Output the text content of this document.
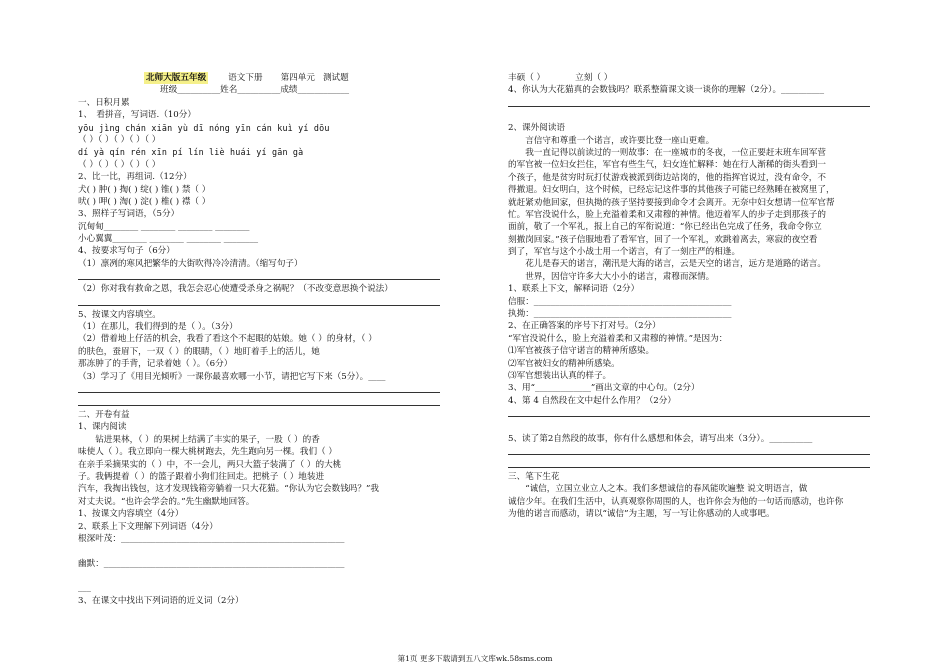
北师大版五年级	语文下册 第四单元 测试题
班级__________姓名__________成绩____________
一、日积月累
1、　看拼音，写词语.（10分）
yōu jìng chán xiān yù dī nóng yīn cán kuì yí dōu
（ ）（ ）（ ）（ ）（ ）
dí yà qín rén xīn pí lín liè huái yí gān gà
（ ）（ ）（ ）（ ）（ ）
2、比一比，再组词.（12分）
犬( ) 肿( ) 掏( ) 绽( ) 锥( ) 禁（ ）
吠( ) 呷( ) 淘( ) 淀( ) 椎( ) 襟（ ）
3、照样子写词语，（5分）
沉甸甸________ ________ ________ ________
小心翼翼________ ________ ________ ________
4、按要求写句子（6分）
（1）凛冽的寒风把繁华的大街吹得冷冷清清。（缩写句子）
（2）你对我有救命之恩，我怎会忍心使遭受杀身之祸呢？（不改变意思换个说法）
5、按课文内容填空。
（1）在那儿，我们得到的是（ ）。（3分）
（2）借着地上仔活的机会，我看了看这个不起眼的姑娘。她（ ）的身材，（ ）
的肤色，蚕眉下，一双（ ）的眼睛，（ ）地盯着手上的活儿，她
那冻肿了的手背，记录着她（ ）。（6分）
（3）学习了《用目光倾听》一课你最喜欢哪一小节，请把它写下来（5分）。____
二、开卷有益
1、课内阅读
　　钻进果林，（ ）的果树上结满了丰实的果子，一股（ ）的香
味使人（ ）。我立即向一棵大桃树跑去，先生跑向另一棵。我们（ ）
在亲手采摘果实的（ ）中，不一会儿，两只大篮子装满了（ ）的大桃
子。我俩提着（ ）的篮子跟着小狗们往回走。把桃子（ ）地装进
汽车，我掏出钱包，这才发现钱箱旁躺着一只大花猫。“你认为它会数钱吗？”我
对丈夫说。“也许会学会的。”先生幽默地回答。
1、按课文内容填空（4分）
2、联系上下文理解下列词语（4分）
根深叶茂：____________________________________________________
幽默：________________________________________________________
___
3、在课文中找出下列词语的近义词（2分）
丰硕（ ）　　　　立刻（ ）
4、你认为大花猫真的会数钱吗？联系整篇课文谈一谈你的理解（2分）。__________
2、课外阅读语
　　言信守和尊重一个诺言，或许要比登一座山更难。
　　我一直记得以前读过的一则故事：在一座城市的冬夜，一位正要赶末班车回军营
的军官被一位妇女拦住，军官有些生气，妇女连忙解释：她在行人渐稀的街头看到一
个孩子，他是贫穷时玩打仗游戏被派到街边站岗的，他的指挥官说过，没有命令，不
得撤退。妇女明白，这个时候，已经忘记这件事的其他孩子可能已经熟睡在被窝里了，
就赶紧劝他回家，但执拗的孩子坚持要接到命令才会离开。无奈中妇女想请一位军官帮
忙。军官没说什么，脸上充溢着柔和又肃穆的神情。他迈着军人的步子走到那孩子的
面前，敬了一个军礼，报上自己的军衔说道：“你已经出色完成了任务，我命令你立
刻撤岗回家。”孩子信服地看了看军官，回了一个军礼，欢跳着离去，寒寂的夜空看
到了，军官与这个小战士用一个诺言，有了一刻庄严的相逢。
　　花儿是春天的诺言，潮汛是大海的诺言，云是天空的诺言，远方是道路的诺言。
　　世界，因信守许多大大小小的诺言，肃穆而深情。
1、联系上下文，解释词语（2分）
信服：______________________________________________
执拗：______________________________________________
2、在正确答案的序号下打对号。（2分）
“军官没说什么，脸上充溢着柔和又肃穆的神情。”是因为：
⑴军官被孩子信守诺言的精神所感染。
⑵军官被妇女的精神所感染。
⑶军官想装出认真的样子。
3、用“_____________”画出文章的中心句。（2分）
4、第 4 自然段在文中起什么作用？（2分）
5、读了第2自然段的故事，你有什么感想和体会，请写出来（3分）。__________
三、笔下生花
　　“诚信，立国立业立人之本。我们多想诚信的春风能吹遍整 说文明语言，做
诚信少年。在我们生活中，认真观察你周围的人，也许你会为他的一句话而感动，也许你
为他的诺言而感动，请以“诚信”为主题，写一写让你感动的人或事吧。
第1页 更多下载请到五八文库wk.58sms.com
